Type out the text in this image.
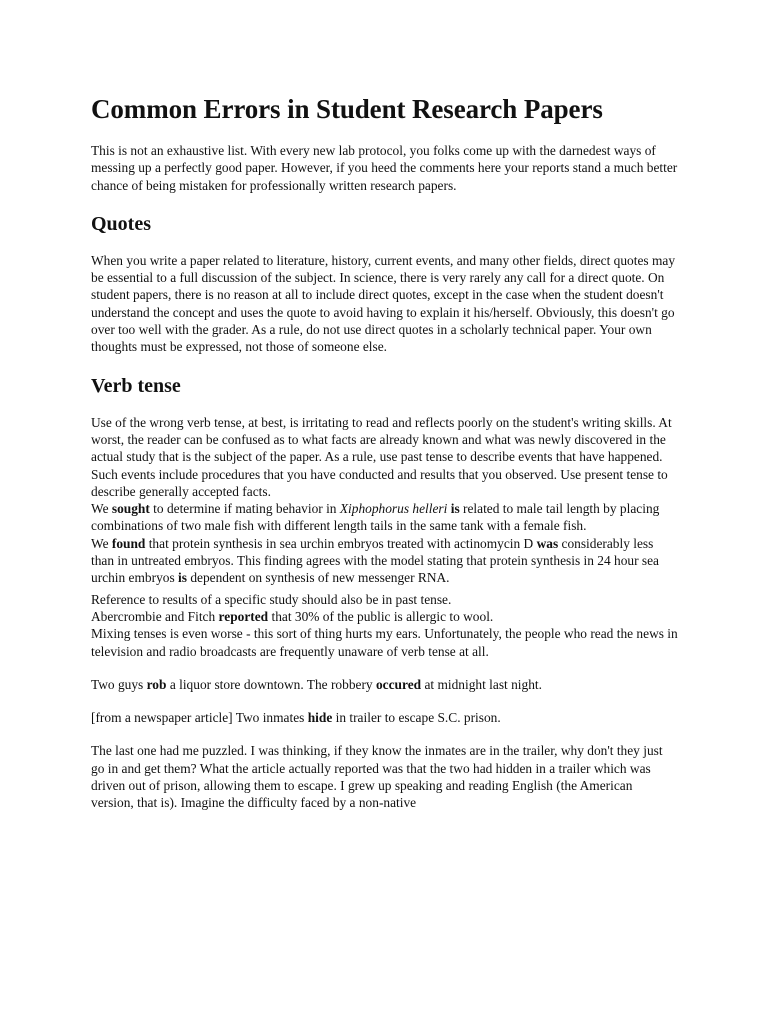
Common Errors in Student Research Papers

This is not an exhaustive list. With every new lab protocol, you folks come up with the darnedest ways of messing up a perfectly good paper. However, if you heed the comments here your reports stand a much better chance of being mistaken for professionally written research papers.

Quotes

When you write a paper related to literature, history, current events, and many other fields, direct quotes may be essential to a full discussion of the subject. In science, there is very rarely any call for a direct quote. On student papers, there is no reason at all to include direct quotes, except in the case when the student doesn't understand the concept and uses the quote to avoid having to explain it his/herself. Obviously, this doesn't go over too well with the grader. As a rule, do not use direct quotes in a scholarly technical paper. Your own thoughts must be expressed, not those of someone else.

Verb tense

Use of the wrong verb tense, at best, is irritating to read and reflects poorly on the student's writing skills. At worst, the reader can be confused as to what facts are already known and what was newly discovered in the actual study that is the subject of the paper. As a rule, use past tense to describe events that have happened. Such events include procedures that you have conducted and results that you observed. Use present tense to describe generally accepted facts.
We sought to determine if mating behavior in Xiphophorus helleri is related to male tail length by placing combinations of two male fish with different length tails in the same tank with a female fish.
We found that protein synthesis in sea urchin embryos treated with actinomycin D was considerably less than in untreated embryos. This finding agrees with the model stating that protein synthesis in 24 hour sea urchin embryos is dependent on synthesis of new messenger RNA.

Reference to results of a specific study should also be in past tense.
Abercrombie and Fitch reported that 30% of the public is allergic to wool.
Mixing tenses is even worse - this sort of thing hurts my ears. Unfortunately, the people who read the news in television and radio broadcasts are frequently unaware of verb tense at all.

Two guys rob a liquor store downtown. The robbery occured at midnight last night.

[from a newspaper article] Two inmates hide in trailer to escape S.C. prison.

The last one had me puzzled. I was thinking, if they know the inmates are in the trailer, why don't they just go in and get them? What the article actually reported was that the two had hidden in a trailer which was driven out of prison, allowing them to escape. I grew up speaking and reading English (the American version, that is). Imagine the difficulty faced by a non-native
